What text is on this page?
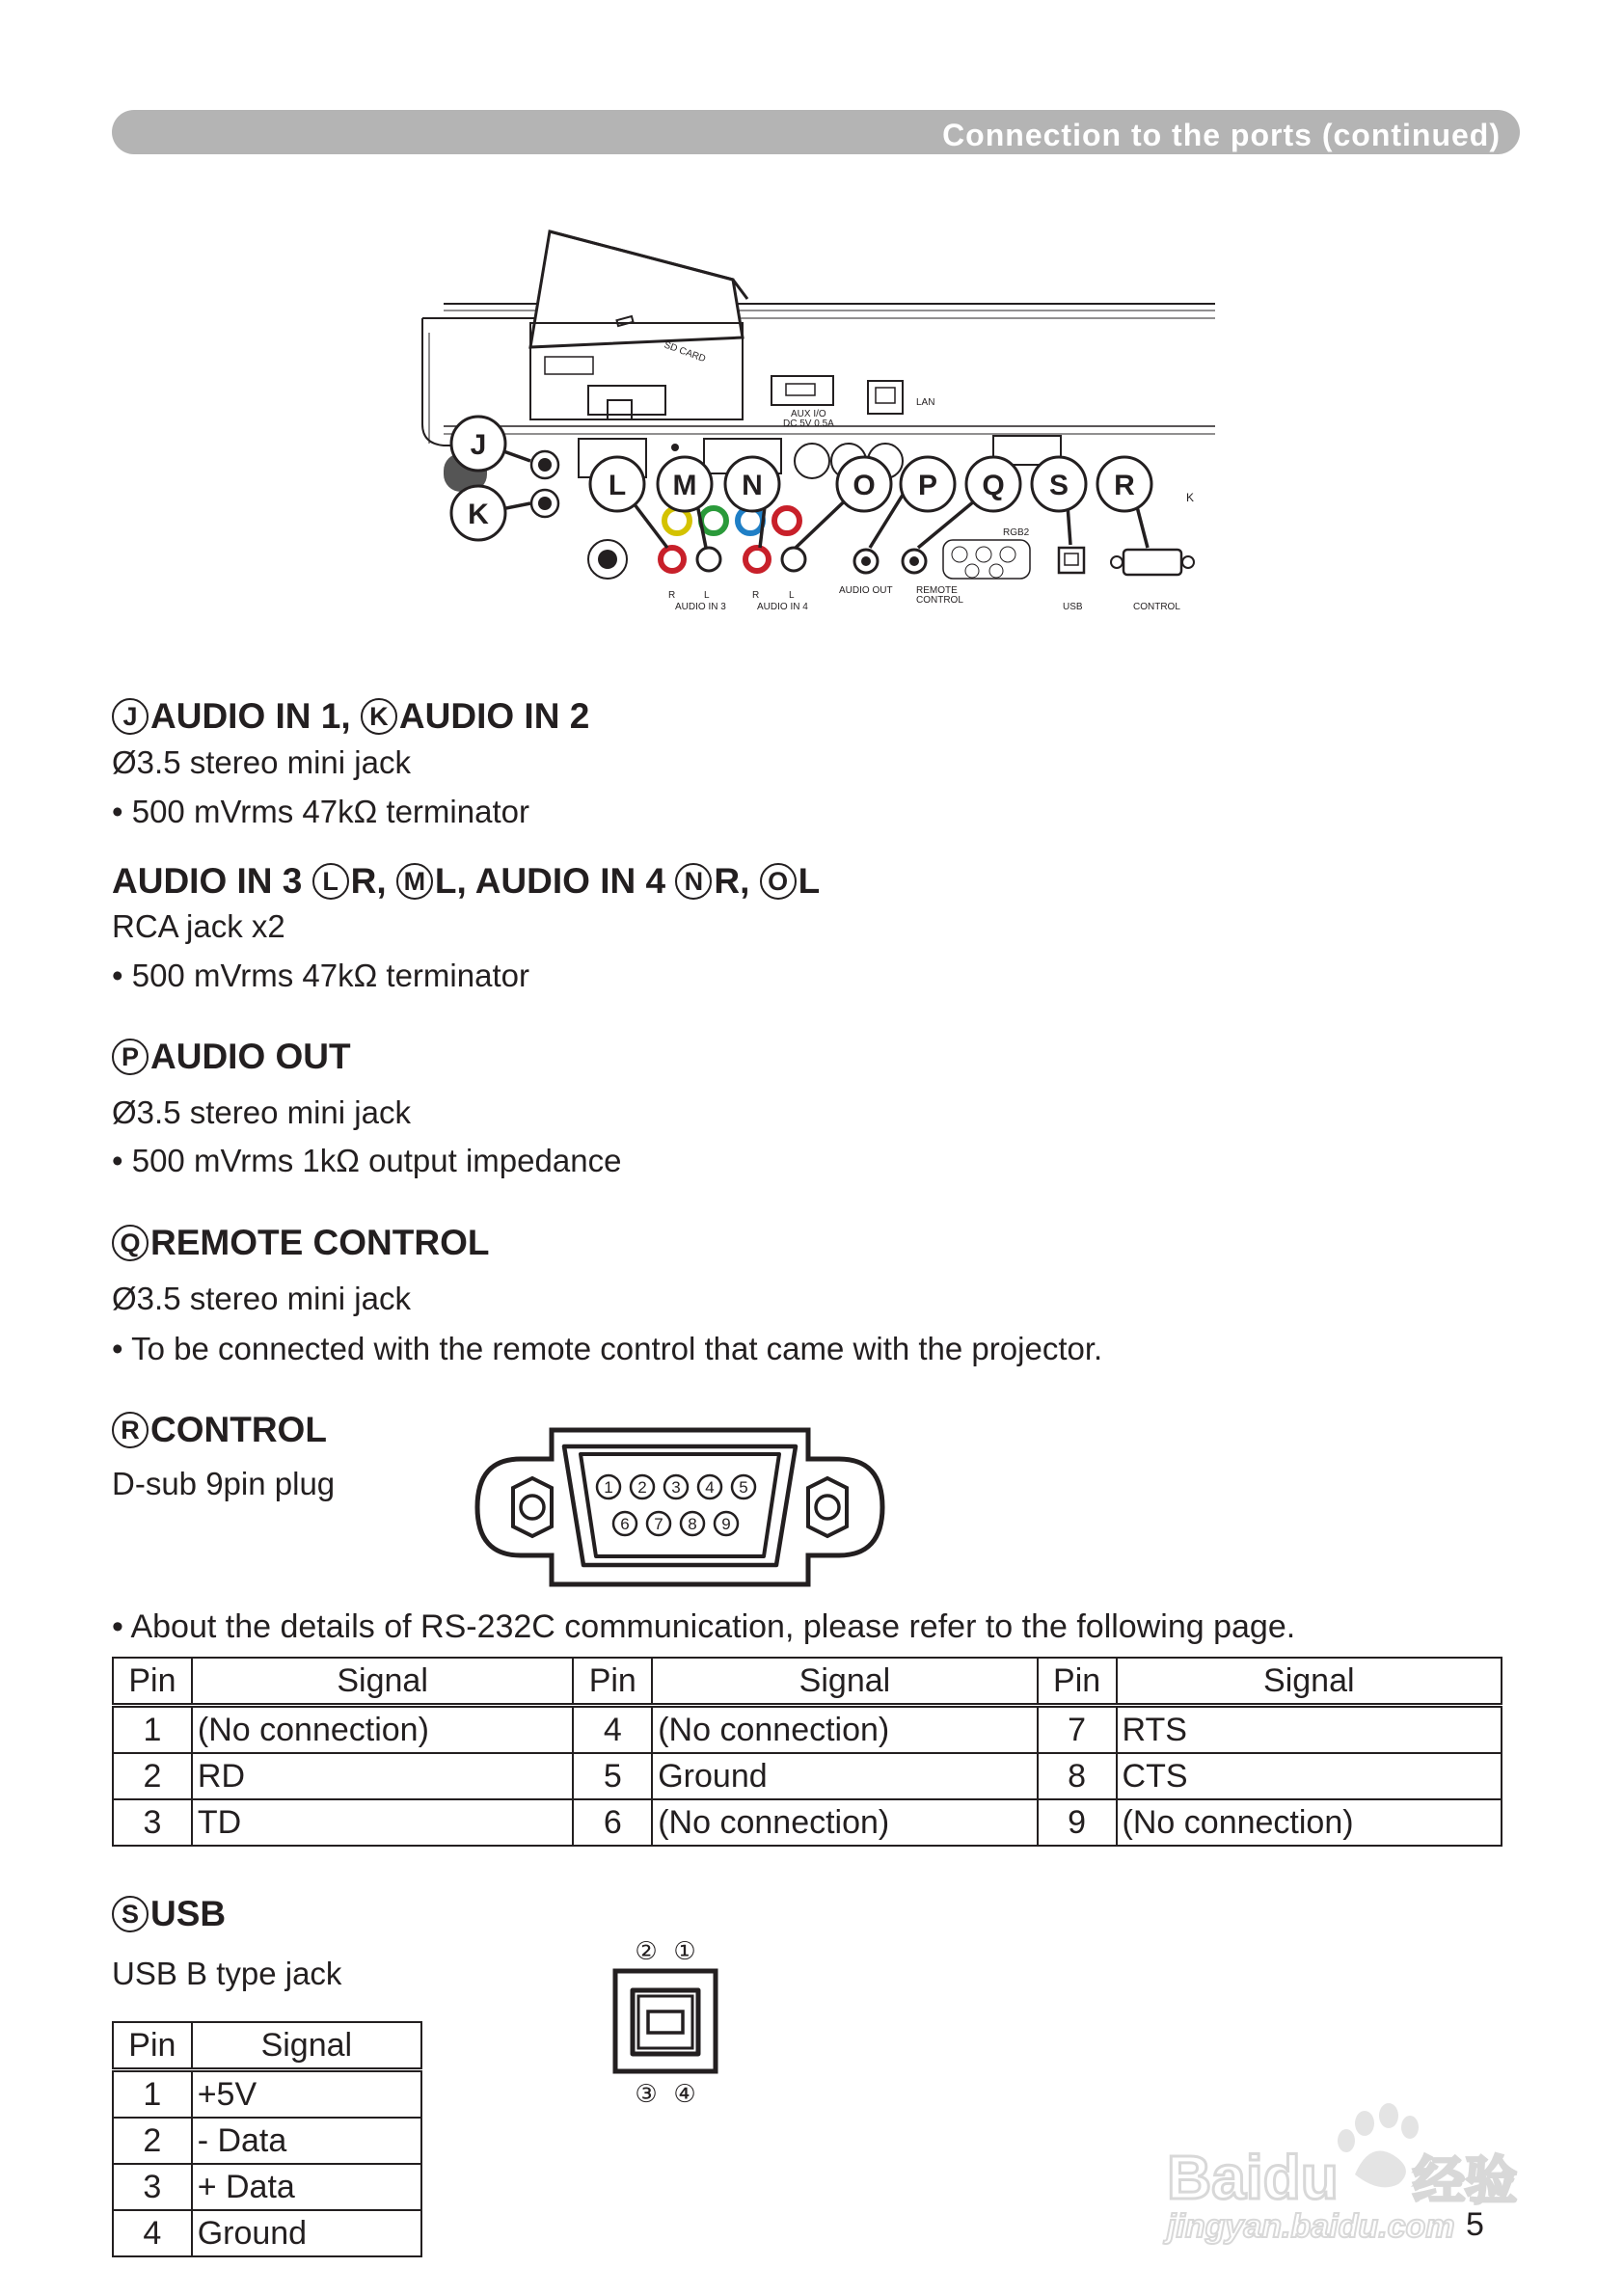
Connection to the ports (continued)
SD CARD
AUX I/O
DC 5V 0.5A
LAN
R	L	R	L
AUDIO IN 3	AUDIO IN 4
AUDIO OUT REMOTE
CONTROL
RGB2
USB	CONTROL
K
J
K
L M N	O P Q S R
J AUDIO IN 1, K AUDIO IN 2
Ø3.5 stereo mini jack
• 500 mVrms 47kΩ terminator
AUDIO IN 3 L R, M L, AUDIO IN 4 N R, O L
RCA jack x2
• 500 mVrms 47kΩ terminator
P AUDIO OUT
Ø3.5 stereo mini jack
• 500 mVrms 1kΩ output impedance
Q REMOTE CONTROL
Ø3.5 stereo mini jack
• To be connected with the remote control that came with the projector.
R CONTROL
D-sub 9pin plug	1 2 3 4 5
6 7 8 9
• About the details of RS-232C communication, please refer to the following page.
Pin	Signal	Pin	Signal	Pin	Signal
1	(No connection)	4	(No connection)	7	RTS
2	RD	5	Ground	8	CTS
3	TD	6	(No connection)	9	(No connection)
S USB
USB B type jack
② ①
③ ④
Pin	Signal
1	+5V
2	- Data
3	+ Data
4	Ground
Baidu 经验
jingyan.baidu.com 5
